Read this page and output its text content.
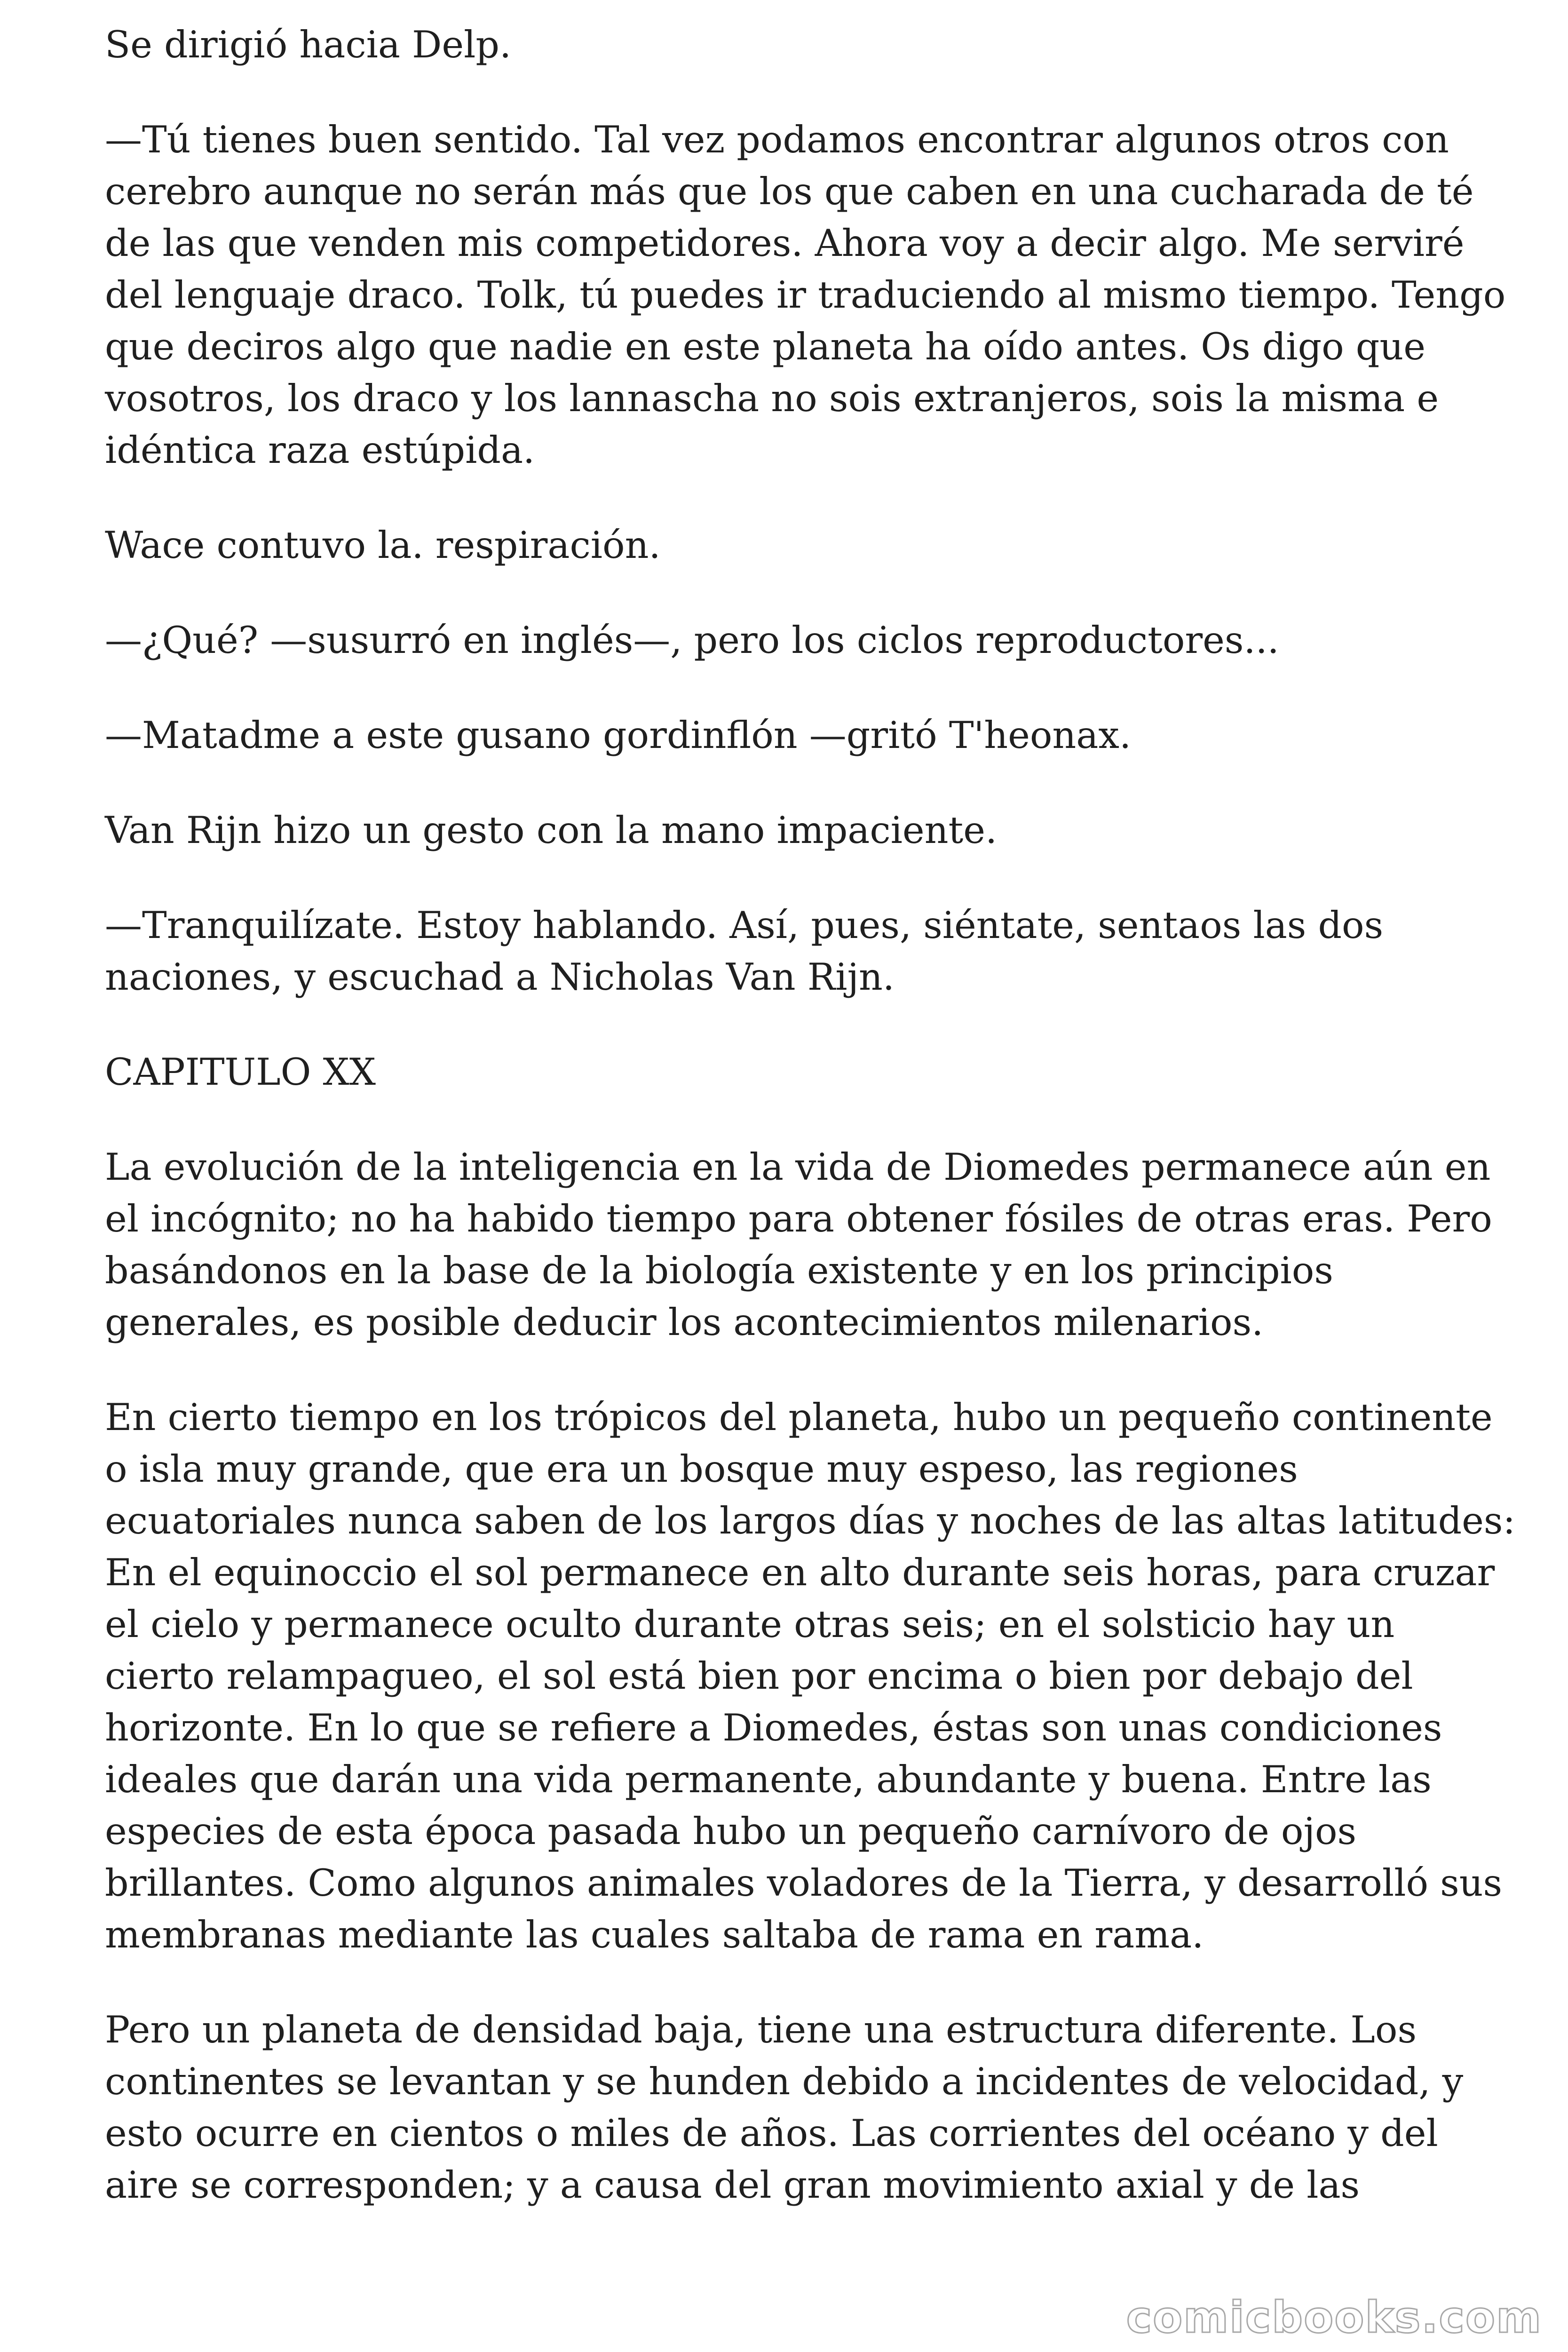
Se dirigió hacia Delp.

—Tú tienes buen sentido. Tal vez podamos encontrar algunos otros con cerebro aunque no serán más que los que caben en una cucharada de té de las que venden mis competidores. Ahora voy a decir algo. Me serviré del lenguaje draco. Tolk, tú puedes ir traduciendo al mismo tiempo. Tengo que deciros algo que nadie en este planeta ha oído antes. Os digo que vosotros, los draco y los lannascha no sois extranjeros, sois la misma e idéntica raza estúpida.

Wace contuvo la. respiración.

—¿Qué? —susurró en inglés—, pero los ciclos reproductores...

—Matadme a este gusano gordinflón —gritó T'heonax.

Van Rijn hizo un gesto con la mano impaciente.

—Tranquilízate. Estoy hablando. Así, pues, siéntate, sentaos las dos naciones, y escuchad a Nicholas Van Rijn.

CAPITULO XX

La evolución de la inteligencia en la vida de Diomedes permanece aún en el incógnito; no ha habido tiempo para obtener fósiles de otras eras. Pero basándonos en la base de la biología existente y en los principios generales, es posible deducir los acontecimientos milenarios.

En cierto tiempo en los trópicos del planeta, hubo un pequeño continente o isla muy grande, que era un bosque muy espeso, las regiones ecuatoriales nunca saben de los largos días y noches de las altas latitudes: En el equinoccio el sol permanece en alto durante seis horas, para cruzar el cielo y permanece oculto durante otras seis; en el solsticio hay un cierto relampagueo, el sol está bien por encima o bien por debajo del horizonte. En lo que se refiere a Diomedes, éstas son unas condiciones ideales que darán una vida permanente, abundante y buena. Entre las especies de esta época pasada hubo un pequeño carnívoro de ojos brillantes. Como algunos animales voladores de la Tierra, y desarrolló sus membranas mediante las cuales saltaba de rama en rama.

Pero un planeta de densidad baja, tiene una estructura diferente. Los continentes se levantan y se hunden debido a incidentes de velocidad, y esto ocurre en cientos o miles de años. Las corrientes del océano y del aire se corresponden; y a causa del gran movimiento axial y de las

comicbooks.com
